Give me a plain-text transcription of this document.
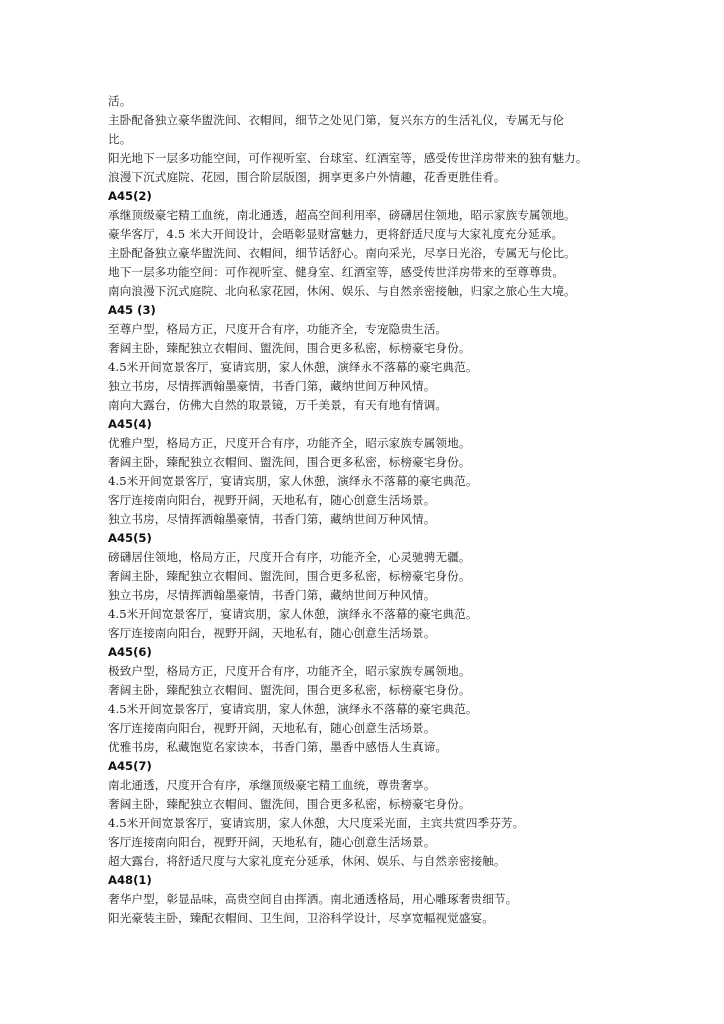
活。
主卧配备独立豪华盥洗间、衣帽间，细节之处见门第，复兴东方的生活礼仪，专属无与伦
比。
阳光地下一层多功能空间，可作视听室、台球室、红酒室等，感受传世洋房带来的独有魅力。
浪漫下沉式庭院、花园，围合阶层版图，拥享更多户外情趣，花香更胜佳肴。
A45(2)
承继顶级豪宅精工血统，南北通透，超高空间利用率，磅礴居住领地，昭示家族专属领地。
豪华客厅，4.5 米大开间设计，会晤彰显财富魅力，更将舒适尺度与大家礼度充分延承。
主卧配备独立豪华盥洗间、衣帽间，细节话舒心。南向采光，尽享日光浴，专属无与伦比。
地下一层多功能空间：可作视听室、健身室、红酒室等，感受传世洋房带来的至尊尊贵。
南向浪漫下沉式庭院、北向私家花园，休闲、娱乐、与自然亲密接触，归家之旅心生大境。
A45 (3)
至尊户型，格局方正，尺度开合有序，功能齐全，专宠隐贵生活。
奢阔主卧，臻配独立衣帽间、盥洗间，围合更多私密，标榜豪宅身份。
4.5米开间宽景客厅，宴请宾朋，家人休憩，演绎永不落幕的豪宅典范。
独立书房，尽情挥洒翰墨豪情，书香门第，藏纳世间万种风情。
南向大露台，仿佛大自然的取景镜，万千美景，有天有地有情调。
A45(4)
优雅户型，格局方正，尺度开合有序，功能齐全，昭示家族专属领地。
奢阔主卧，臻配独立衣帽间、盥洗间，围合更多私密，标榜豪宅身份。
4.5米开间宽景客厅，宴请宾朋，家人休憩，演绎永不落幕的豪宅典范。
客厅连接南向阳台，视野开阔，天地私有，随心创意生活场景。
独立书房，尽情挥洒翰墨豪情，书香门第，藏纳世间万种风情。
A45(5)
磅礴居住领地，格局方正，尺度开合有序，功能齐全，心灵驰骋无疆。
奢阔主卧，臻配独立衣帽间、盥洗间，围合更多私密，标榜豪宅身份。
独立书房，尽情挥洒翰墨豪情，书香门第，藏纳世间万种风情。
4.5米开间宽景客厅，宴请宾朋，家人休憩，演绎永不落幕的豪宅典范。
客厅连接南向阳台，视野开阔，天地私有，随心创意生活场景。
A45(6)
极致户型，格局方正，尺度开合有序，功能齐全，昭示家族专属领地。
奢阔主卧，臻配独立衣帽间、盥洗间，围合更多私密，标榜豪宅身份。
4.5米开间宽景客厅，宴请宾朋，家人休憩，演绎永不落幕的豪宅典范。
客厅连接南向阳台，视野开阔，天地私有，随心创意生活场景。
优雅书房，私藏饱览名家读本，书香门第，墨香中感悟人生真谛。
A45(7)
南北通透，尺度开合有序，承继顶级豪宅精工血统，尊贵奢享。
奢阔主卧，臻配独立衣帽间、盥洗间，围合更多私密，标榜豪宅身份。
4.5米开间宽景客厅，宴请宾朋，家人休憩，大尺度采光面，主宾共赏四季芬芳。
客厅连接南向阳台，视野开阔，天地私有，随心创意生活场景。
超大露台，将舒适尺度与大家礼度充分延承，休闲、娱乐、与自然亲密接触。
A48(1)
奢华户型，彰显品味，高贵空间自由挥洒。南北通透格局，用心雕琢奢贵细节。
阳光豪装主卧，臻配衣帽间、卫生间，卫浴科学设计，尽享宽幅视觉盛宴。
